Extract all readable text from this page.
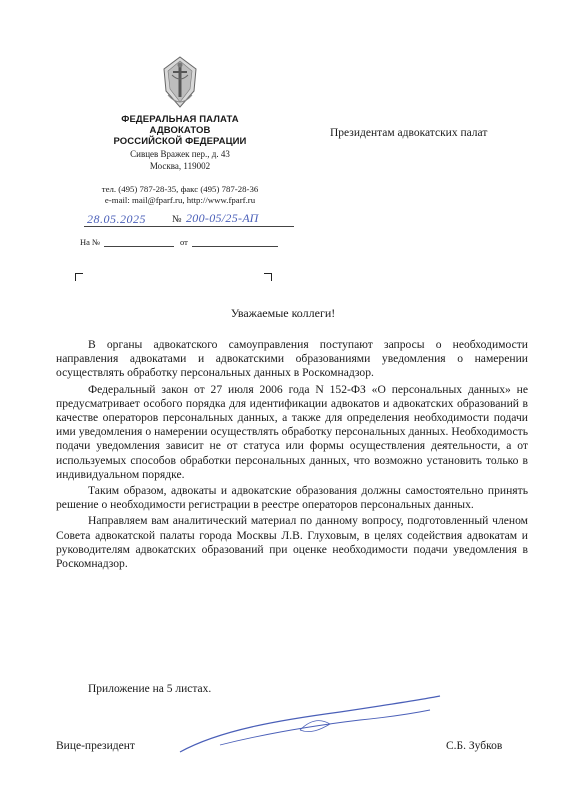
ФЕДЕРАЛЬНАЯ ПАЛАТА АДВОКАТОВ
РОССИЙСКОЙ ФЕДЕРАЦИИ
Сивцев Вражек пер., д. 43
Москва, 119002
тел. (495) 787-28-35, факс (495) 787-28-36
e-mail: mail@fparf.ru, http://www.fparf.ru
Президентам адвокатских палат
28.05.2025	№ 200-05/25-АП
На №	от
Уважаемые коллеги!

В органы адвокатского самоуправления поступают запросы о необходимости направления адвокатами и адвокатскими образованиями уведомления о намерении осуществлять обработку персональных данных в Роскомнадзор.

Федеральный закон от 27 июля 2006 года N 152-ФЗ «О персональных данных» не предусматривает особого порядка для идентификации адвокатов и адвокатских образований в качестве операторов персональных данных, а также для определения необходимости подачи ими уведомления о намерении осуществлять обработку персональных данных. Необходимость подачи уведомления зависит не от статуса или формы осуществления деятельности, а от используемых способов обработки персональных данных, что возможно установить только в индивидуальном порядке.

Таким образом, адвокаты и адвокатские образования должны самостоятельно принять решение о необходимости регистрации в реестре операторов персональных данных.

Направляем вам аналитический материал по данному вопросу, подготовленный членом Совета адвокатской палаты города Москвы Л.В. Глуховым, в целях содействия адвокатам и руководителям адвокатских образований при оценке необходимости подачи уведомления в Роскомнадзор.

Приложение на 5 листах.
Вице-президент	С.Б. Зубков
